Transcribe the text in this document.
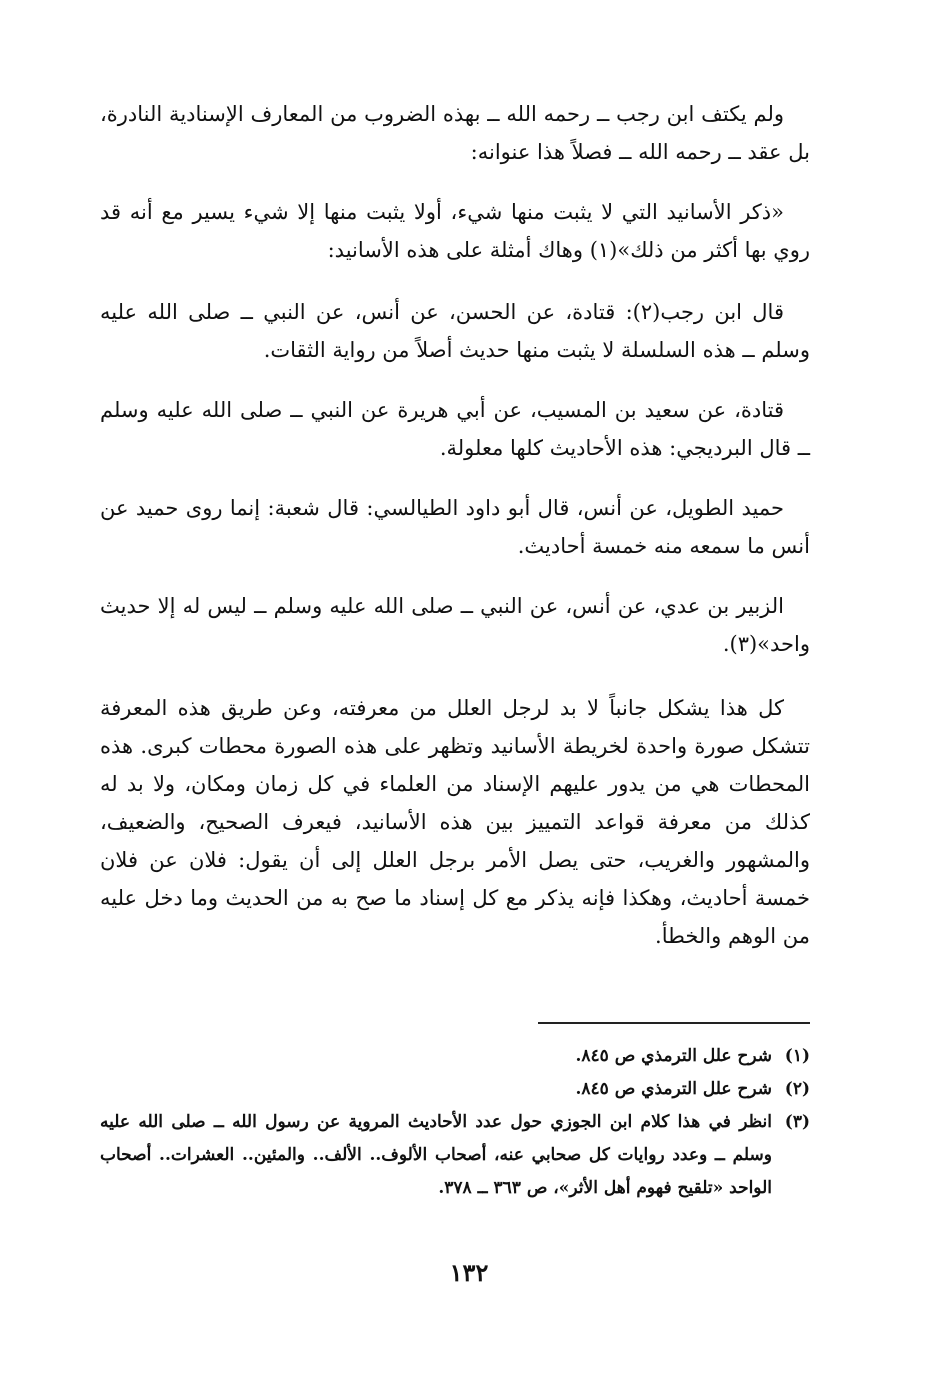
ولم يكتف ابن رجب ــ رحمه الله ــ بهذه الضروب من المعارف الإسنادية النادرة، بل عقد ــ رحمه الله ــ فصلاً هذا عنوانه:

«ذكر الأسانيد التي لا يثبت منها شيء، أولا يثبت منها إلا شيء يسير مع أنه قد روي بها أكثر من ذلك»(١) وهاك أمثلة على هذه الأسانيد:

قال ابن رجب(٢): قتادة، عن الحسن، عن أنس، عن النبي ــ صلى الله عليه وسلم ــ هذه السلسلة لا يثبت منها حديث أصلاً من رواية الثقات.

قتادة، عن سعيد بن المسيب، عن أبي هريرة عن النبي ــ صلى الله عليه وسلم ــ قال البرديجي: هذه الأحاديث كلها معلولة.

حميد الطويل، عن أنس، قال أبو داود الطيالسي: قال شعبة: إنما روى حميد عن أنس ما سمعه منه خمسة أحاديث.

الزبير بن عدي، عن أنس، عن النبي ــ صلى الله عليه وسلم ــ ليس له إلا حديث واحد»(٣).

كل هذا يشكل جانباً لا بد لرجل العلل من معرفته، وعن طريق هذه المعرفة تتشكل صورة واحدة لخريطة الأسانيد وتظهر على هذه الصورة محطات كبرى. هذه المحطات هي من يدور عليهم الإسناد من العلماء في كل زمان ومكان، ولا بد له كذلك من معرفة قواعد التمييز بين هذه الأسانيد، فيعرف الصحيح، والضعيف، والمشهور والغريب، حتى يصل الأمر برجل العلل إلى أن يقول: فلان عن فلان خمسة أحاديث، وهكذا فإنه يذكر مع كل إسناد ما صح به من الحديث وما دخل عليه من الوهم والخطأ.

(١)
شرح علل الترمذي ص ٨٤٥.
(٢)
شرح علل الترمذي ص ٨٤٥.
(٣)
انظر في هذا كلام ابن الجوزي حول عدد الأحاديث المروية عن رسول الله ــ صلى الله عليه وسلم ــ وعدد روايات كل صحابي عنه، أصحاب الألوف.. الألف.. والمئين.. العشرات.. أصحاب الواحد «تلقيح فهوم أهل الأثر»، ص ٣٦٣ ــ ٣٧٨.
١٣٢
